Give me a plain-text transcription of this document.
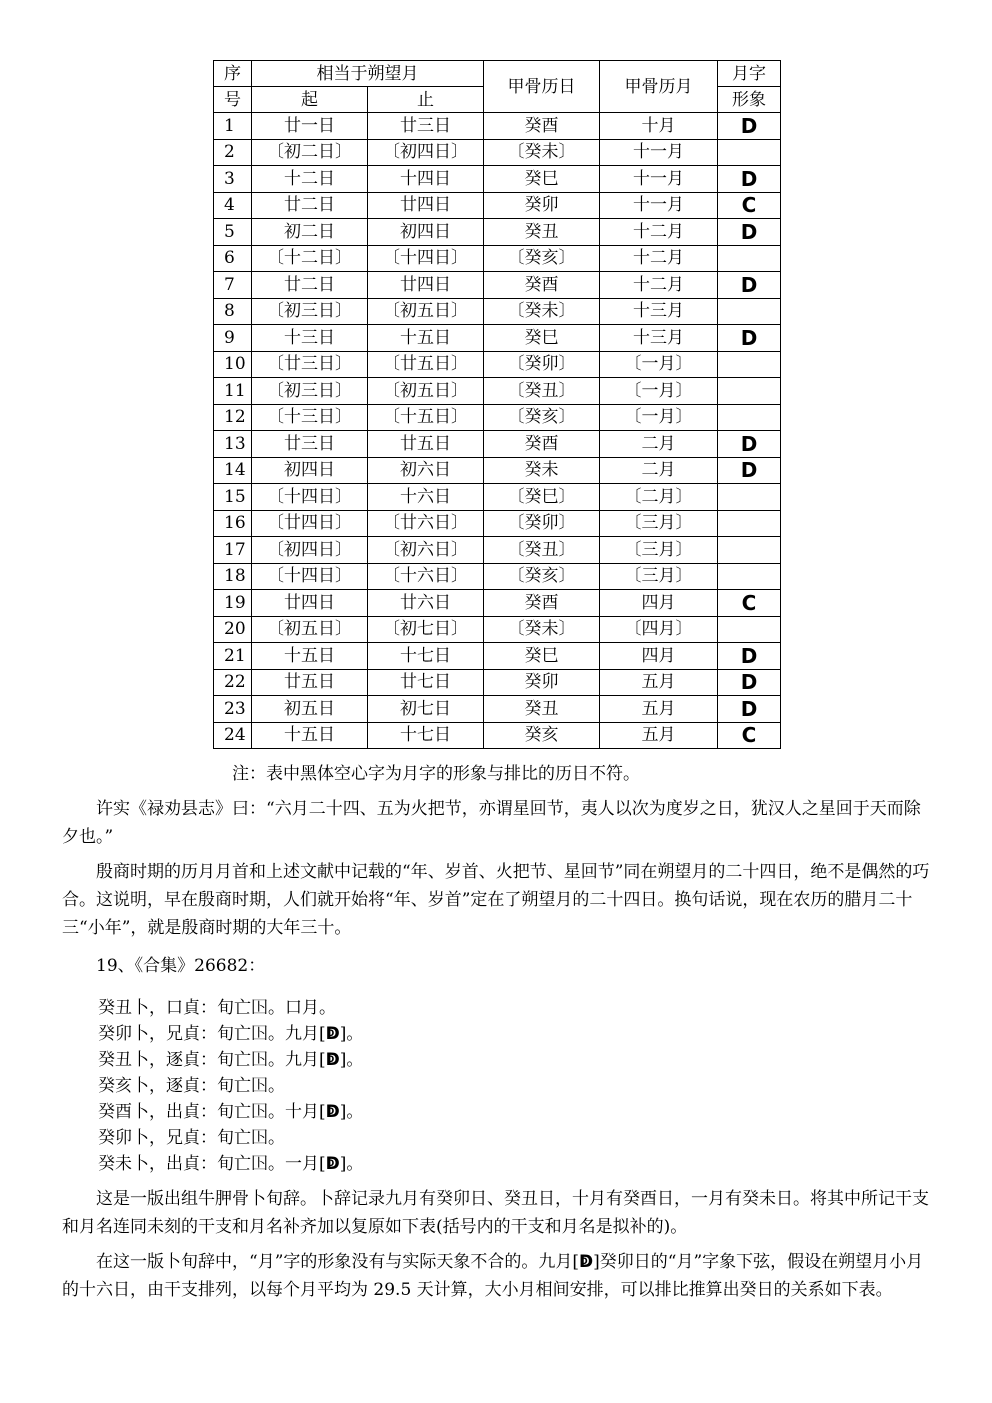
序	相当于朔望月		甲骨历日	甲骨历月	月字
号	起	止			形象
1	廿一日	廿三日	癸酉	十月	D
2	〔初二日〕	〔初四日〕	〔癸未〕	十一月	
3	十二日	十四日	癸巳	十一月	D
4	廿二日	廿四日	癸卯	十一月	C
5	初二日	初四日	癸丑	十二月	D
6	〔十二日〕	〔十四日〕	〔癸亥〕	十二月	
7	廿二日	廿四日	癸酉	十二月	D
8	〔初三日〕	〔初五日〕	〔癸未〕	十三月	
9	十三日	十五日	癸巳	十三月	D
10	〔廿三日〕	〔廿五日〕	〔癸卯〕	〔一月〕	
11	〔初三日〕	〔初五日〕	〔癸丑〕	〔一月〕	
12	〔十三日〕	〔十五日〕	〔癸亥〕	〔一月〕	
13	廿三日	廿五日	癸酉	二月	D
14	初四日	初六日	癸未	二月	D
15	〔十四日〕	十六日	〔癸巳〕	〔二月〕	
16	〔廿四日〕	〔廿六日〕	〔癸卯〕	〔三月〕	
17	〔初四日〕	〔初六日〕	〔癸丑〕	〔三月〕	
18	〔十四日〕	〔十六日〕	〔癸亥〕	〔三月〕	
19	廿四日	廿六日	癸酉	四月	C
20	〔初五日〕	〔初七日〕	〔癸未〕	〔四月〕	
21	十五日	十七日	癸巳	四月	D
22	廿五日	廿七日	癸卯	五月	D
23	初五日	初七日	癸丑	五月	D
24	十五日	十七日	癸亥	五月	C
注：表中黑体空心字为月字的形象与排比的历日不符。

许实《禄劝县志》曰：“六月二十四、五为火把节，亦谓星回节，夷人以次为度岁之日，犹汉人之星回于天而除夕也。”

殷商时期的历月月首和上述文献中记载的“年、岁首、火把节、星回节”同在朔望月的二十四日，绝不是偶然的巧合。这说明，早在殷商时期，人们就开始将“年、岁首”定在了朔望月的二十四日。换句话说，现在农历的腊月二十三“小年”，就是殷商时期的大年三十。

19、《合集》26682：

癸丑卜，口貞：旬亡𡆥。口月。
癸卯卜，兄貞：旬亡𡆥。九月[ↁ]。
癸丑卜，逐貞：旬亡𡆥。九月[ↁ]。
癸亥卜，逐貞：旬亡𡆥。
癸酉卜，出貞：旬亡𡆥。十月[ↁ]。
癸卯卜，兄貞：旬亡𡆥。
癸未卜，出貞：旬亡𡆥。一月[ↁ]。

这是一版出组牛胛骨卜旬辞。卜辞记录九月有癸卯日、癸丑日，十月有癸酉日，一月有癸未日。将其中所记干支和月名连同未刻的干支和月名补齐加以复原如下表(括号内的干支和月名是拟补的)。

在这一版卜旬辞中，“月”字的形象没有与实际天象不合的。九月[ↁ]癸卯日的“月”字象下弦，假设在朔望月小月的十六日，由干支排列，以每个月平均为 29.5 天计算，大小月相间安排，可以排比推算出癸日的关系如下表。
